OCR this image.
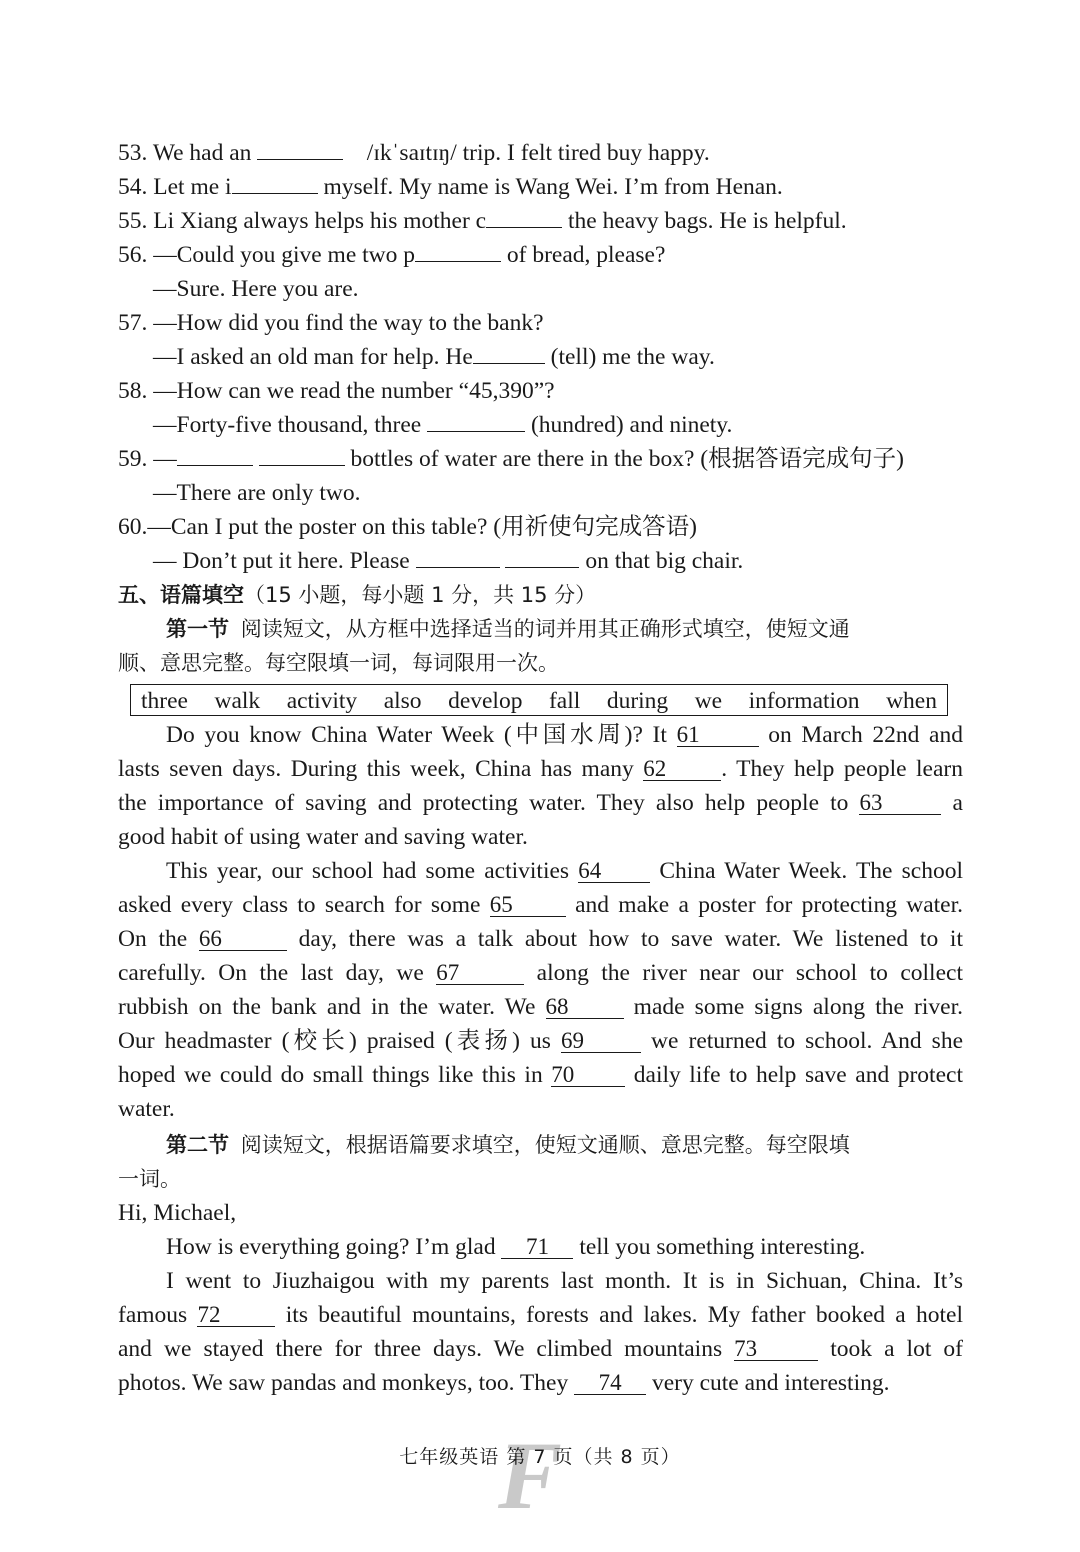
53. We had an	/ɪkˈsaɪtɪŋ/ trip. I felt tired buy happy.
54. Let me i	myself. My name is Wang Wei. I’m from Henan.
55. Li Xiang always helps his mother c	the heavy bags. He is helpful.
56. —Could you give me two p	of bread, please?
—Sure. Here you are.
57. —How did you find the way to the bank?
—I asked an old man for help. He	(tell) me the way.
58. —How can we read the number “45,390”?
—Forty-five thousand, three	(hundred) and ninety.
59. —	bottles of water are there in the box? (根据答语完成句子)
—There are only two.
60.—Can I put the poster on this table? (用祈使句完成答语)
— Don’t put it here. Please	on that big chair.
五、语篇填空（15 小题，每小题 1 分，共 15 分）
第一节 阅读短文，从方框中选择适当的词并用其正确形式填空，使短文通
顺、意思完整。每空限填一词，每词限用一次。
three walk activity also develop fall during we information when
Do you know China Water Week (中国水周)? It 61	on March 22nd and
lasts seven days. During this week, China has many 62 . They help people learn
the importance of saving and protecting water. They also help people to 63	a
good habit of using water and saving water.
This year, our school had some activities 64 China Water Week. The school
asked every class to search for some 65 and make a poster for protecting water.
On the 66	day, there was a talk about how to save water. We listened to it
carefully. On the last day, we 67	along the river near our school to collect
rubbish on the bank and in the water. We 68 made some signs along the river.
Our headmaster (校长) praised (表扬) us 69 we returned to school. And she
hoped we could do small things like this in 70 daily life to help save and protect
water.
第二节 阅读短文，根据语篇要求填空，使短文通顺、意思完整。每空限填
一词。
Hi, Michael,
How is everything going? I’m glad 71 tell you something interesting.
I went to Jiuzhaigou with my parents last month. It is in Sichuan, China. It’s
famous 72 its beautiful mountains, forests and lakes. My father booked a hotel
and we stayed there for three days. We climbed mountains 73	took a lot of
photos. We saw pandas and monkeys, too. They 74 very cute and interesting.
F
七年级英语 第 7 页（共 8 页）
